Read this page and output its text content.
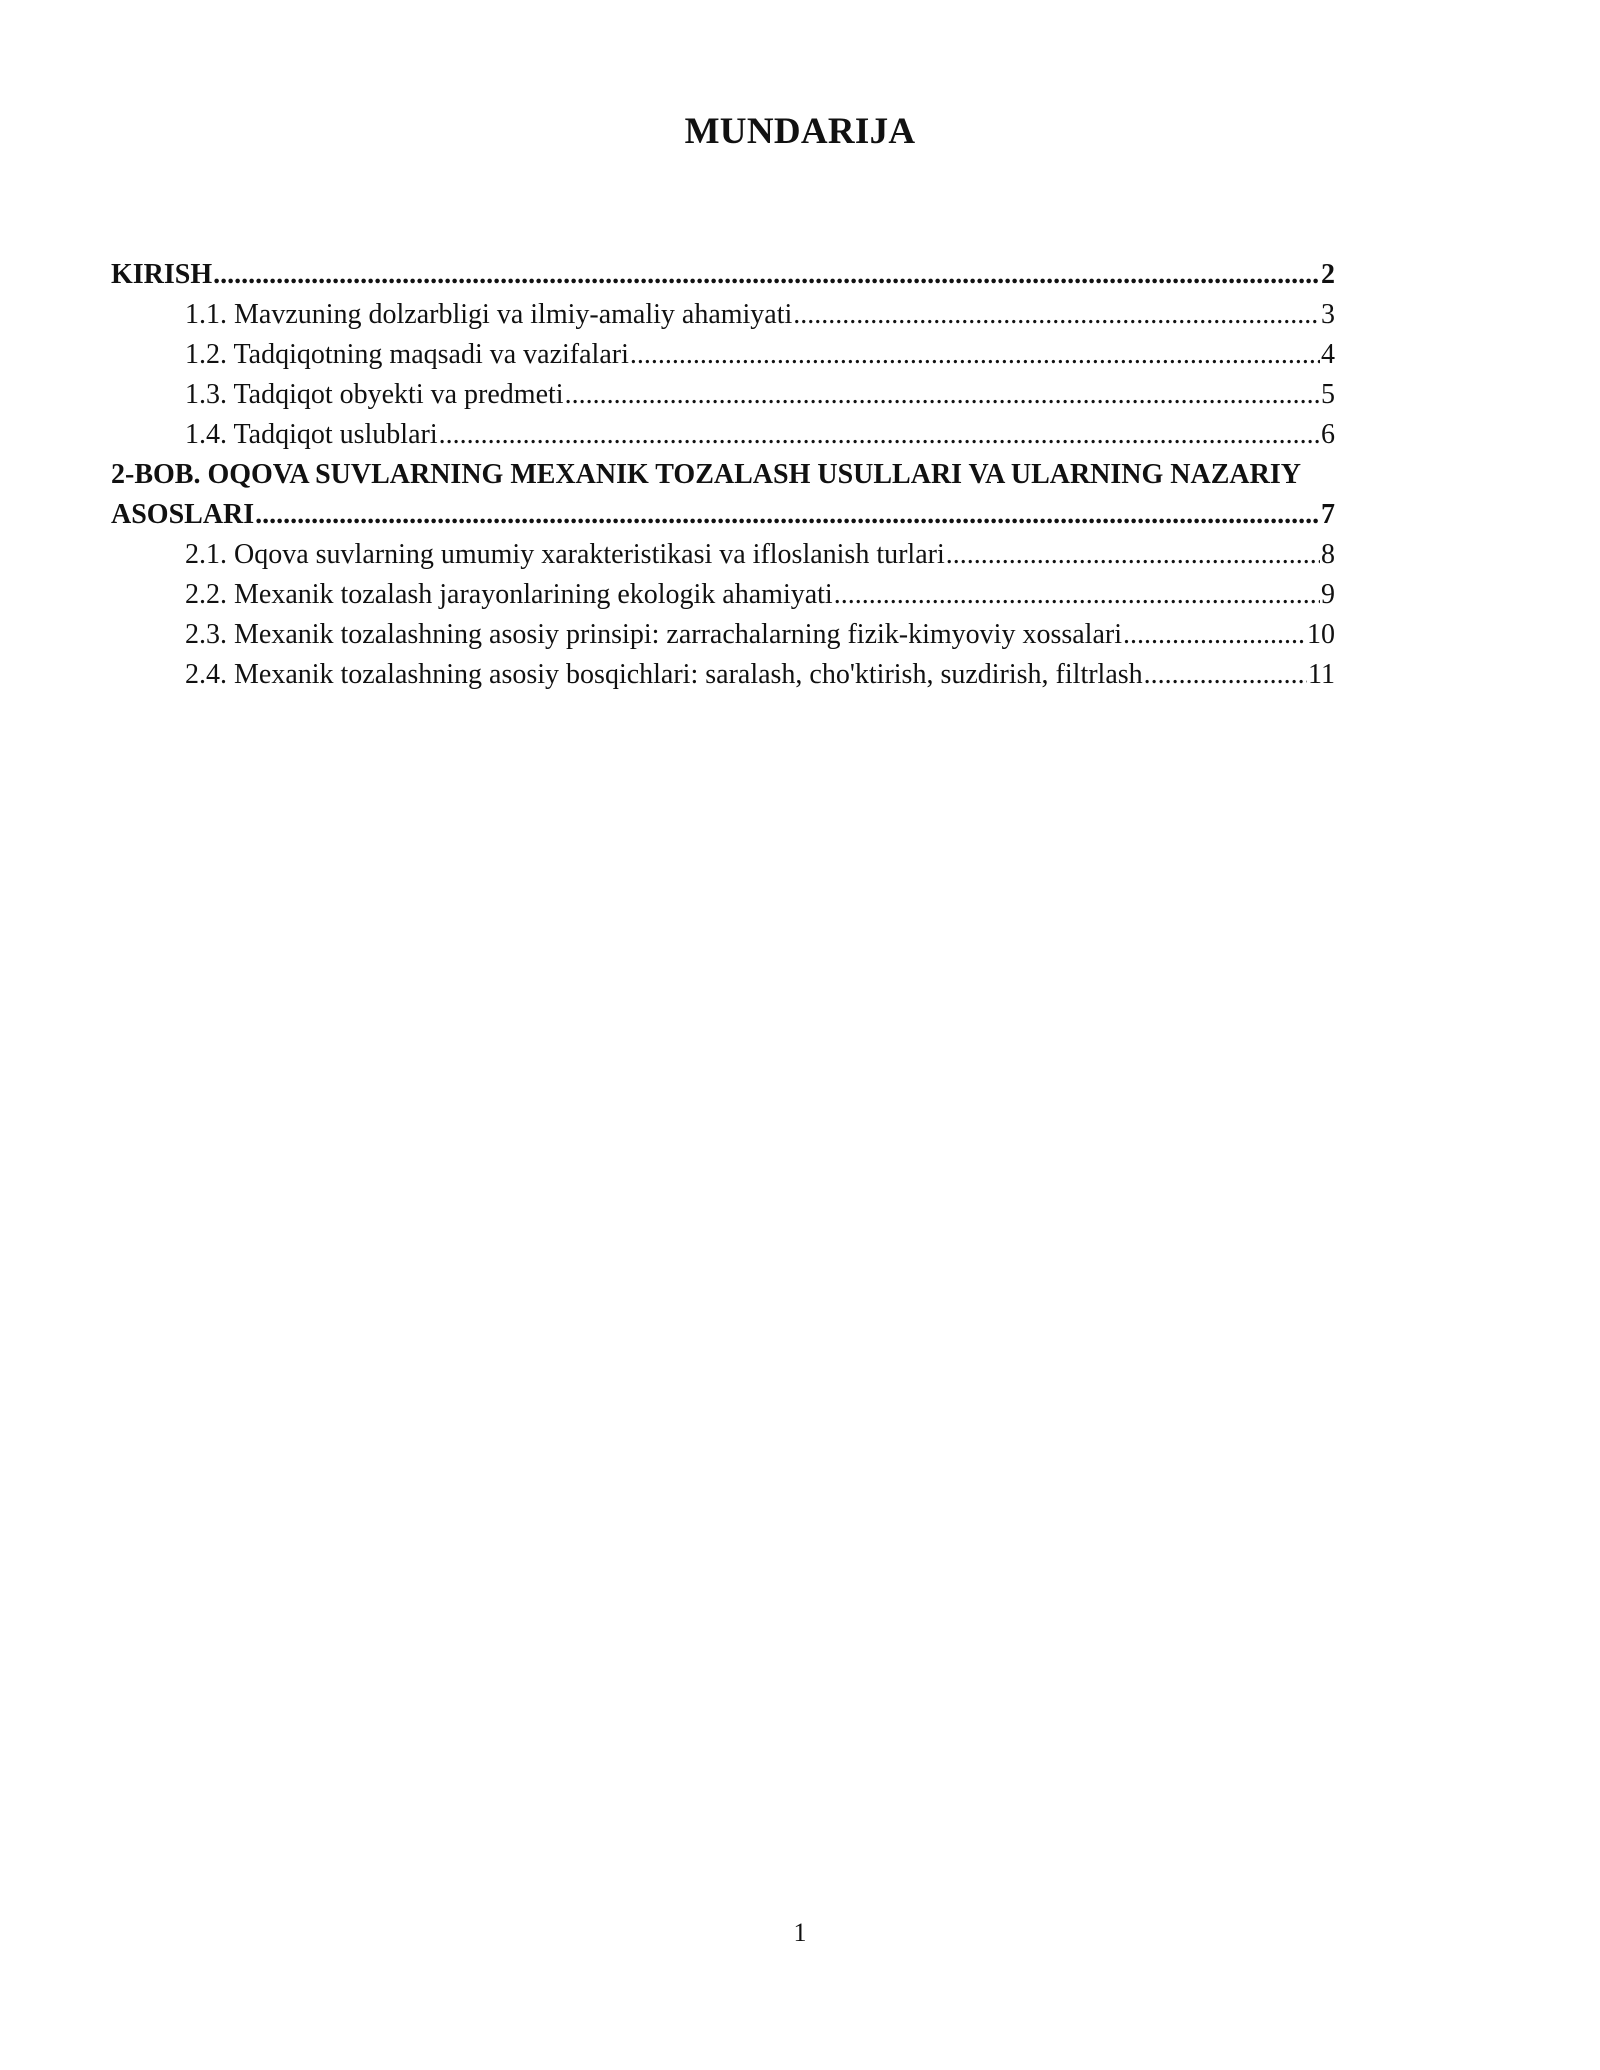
MUNDARIJA
KIRISH .....	2
1.1. Mavzuning dolzarbligi va ilmiy-amaliy ahamiyati .....	3
1.2. Tadqiqotning maqsadi va vazifalari .....	4
1.3. Tadqiqot obyekti va predmeti .....	5
1.4. Tadqiqot uslublari .....	6
2-BOB. OQOVA SUVLARNING MEXANIK TOZALASH USULLARI VA ULARNING NAZARIY
ASOSLARI .....	7
2.1. Oqova suvlarning umumiy xarakteristikasi va ifloslanish turlari .....	8
2.2. Mexanik tozalash jarayonlarining ekologik ahamiyati .....	9
2.3. Mexanik tozalashning asosiy prinsipi: zarrachalarning fizik-kimyoviy xossalari .....	10
2.4. Mexanik tozalashning asosiy bosqichlari: saralash, cho'ktirish, suzdirish, filtrlash .....	11
1
